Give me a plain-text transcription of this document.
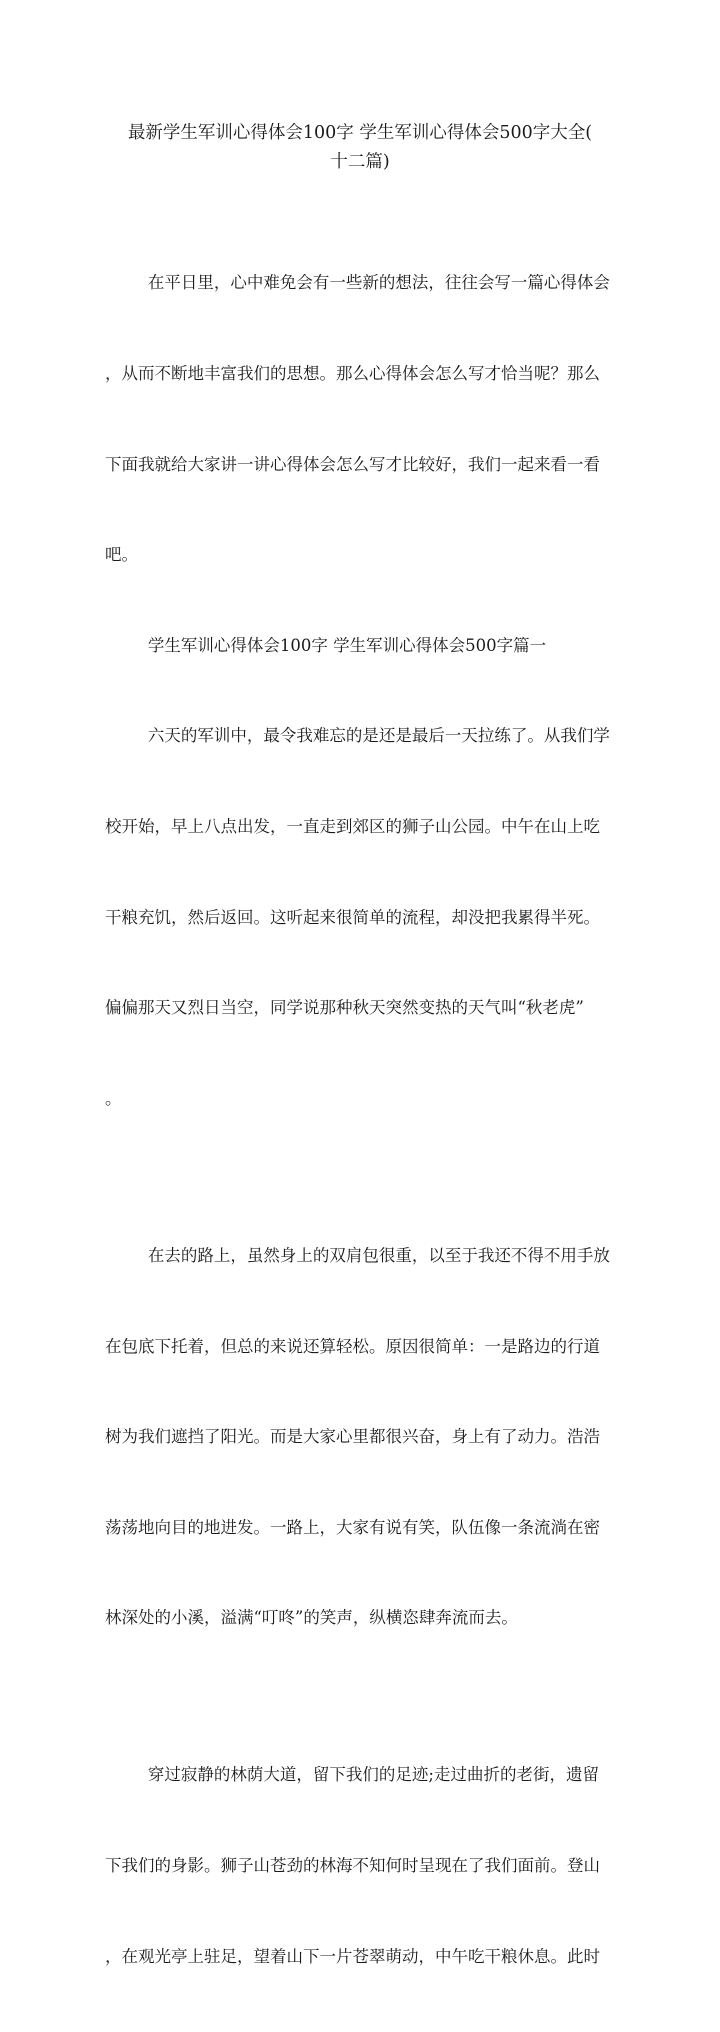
最新学生军训心得体会100字 学生军训心得体会500字大全(
十二篇)

在平日里，心中难免会有一些新的想法，往往会写一篇心得体会

，从而不断地丰富我们的思想。那么心得体会怎么写才恰当呢？那么

下面我就给大家讲一讲心得体会怎么写才比较好，我们一起来看一看

吧。

学生军训心得体会100字 学生军训心得体会500字篇一

六天的军训中，最令我难忘的是还是最后一天拉练了。从我们学

校开始，早上八点出发，一直走到郊区的狮子山公园。中午在山上吃

干粮充饥，然后返回。这听起来很简单的流程，却没把我累得半死。

偏偏那天又烈日当空，同学说那种秋天突然变热的天气叫“秋老虎”

。

在去的路上，虽然身上的双肩包很重，以至于我还不得不用手放

在包底下托着，但总的来说还算轻松。原因很简单：一是路边的行道

树为我们遮挡了阳光。而是大家心里都很兴奋，身上有了动力。浩浩

荡荡地向目的地进发。一路上，大家有说有笑，队伍像一条流淌在密

林深处的小溪，溢满“叮咚”的笑声，纵横恣肆奔流而去。

穿过寂静的林荫大道，留下我们的足迹;走过曲折的老街，遗留

下我们的身影。狮子山苍劲的林海不知何时呈现在了我们面前。登山

，在观光亭上驻足，望着山下一片苍翠萌动，中午吃干粮休息。此时
